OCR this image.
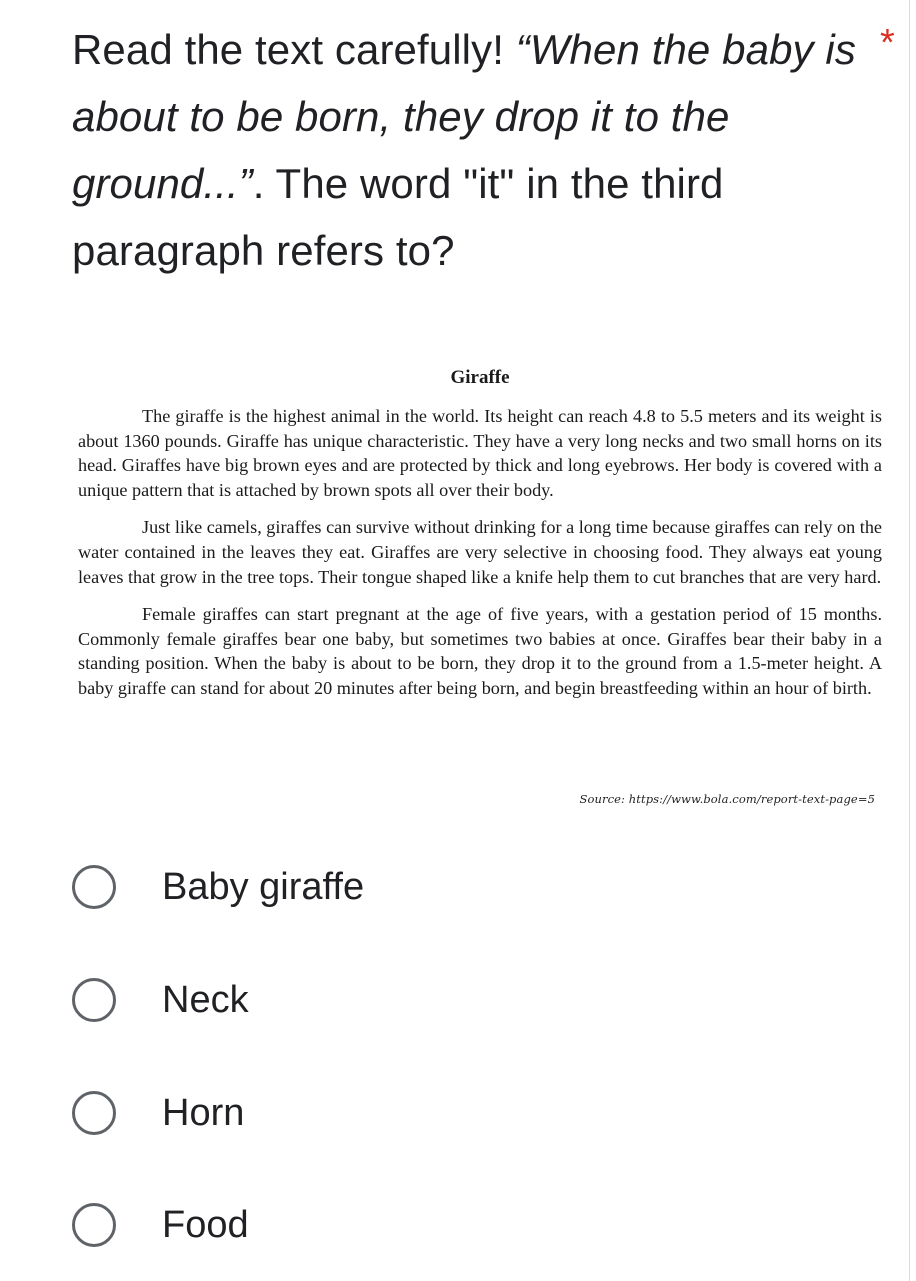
Read the text carefully! “When the baby is about to be born, they drop it to the ground...”. The word "it" in the third paragraph refers to?
*
Giraffe

The giraffe is the highest animal in the world. Its height can reach 4.8 to 5.5 meters and its weight is about 1360 pounds. Giraffe has unique characteristic. They have a very long necks and two small horns on its head. Giraffes have big brown eyes and are protected by thick and long eyebrows. Her body is covered with a unique pattern that is attached by brown spots all over their body.

Just like camels, giraffes can survive without drinking for a long time because giraffes can rely on the water contained in the leaves they eat. Giraffes are very selective in choosing food. They always eat young leaves that grow in the tree tops. Their tongue shaped like a knife help them to cut branches that are very hard.

Female giraffes can start pregnant at the age of five years, with a gestation period of 15 months. Commonly female giraffes bear one baby, but sometimes two babies at once. Giraffes bear their baby in a standing position. When the baby is about to be born, they drop it to the ground from a 1.5-meter height. A baby giraffe can stand for about 20 minutes after being born, and begin breastfeeding within an hour of birth.

Source: https://www.bola.com/report-text-page=5
Baby giraffe
Neck
Horn
Food
